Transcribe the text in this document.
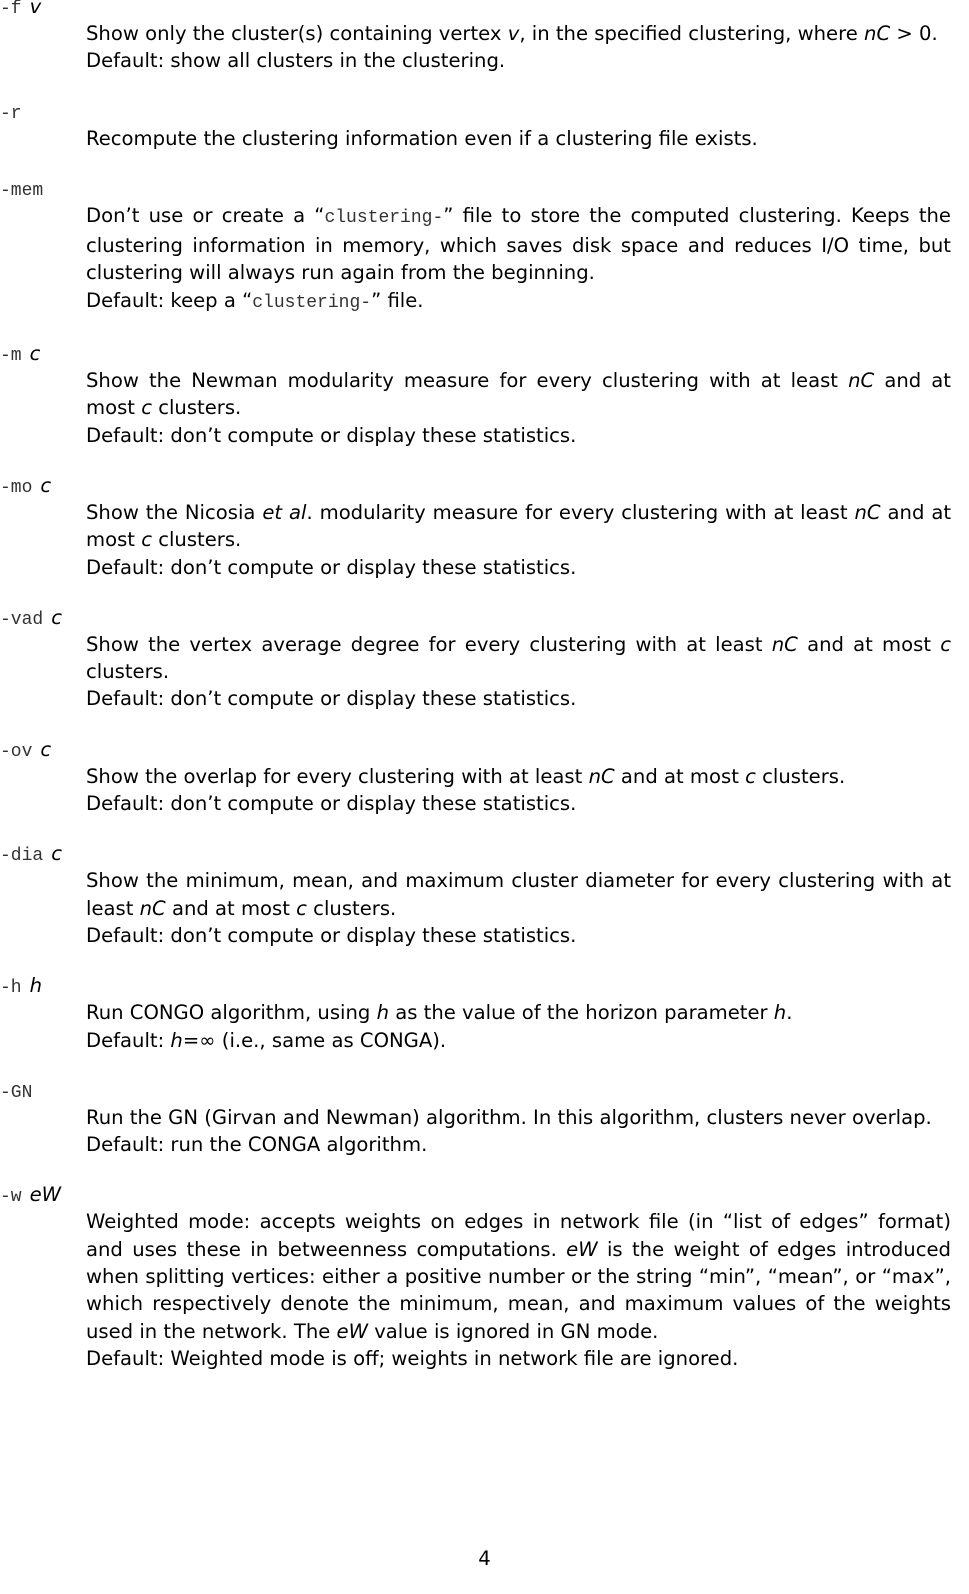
-f v
Show only the cluster(s) containing vertex v, in the specified clustering, where nC > 0.
Default: show all clusters in the clustering.
-r
Recompute the clustering information even if a clustering file exists.
-mem
Don’t use or create a “clustering-” file to store the computed clustering. Keeps the clustering information in memory, which saves disk space and reduces I/O time, but clustering will always run again from the beginning.
Default: keep a “clustering-” file.
-m c
Show the Newman modularity measure for every clustering with at least nC and at most c clusters.
Default: don’t compute or display these statistics.
-mo c
Show the Nicosia et al. modularity measure for every clustering with at least nC and at most c clusters.
Default: don’t compute or display these statistics.
-vad c
Show the vertex average degree for every clustering with at least nC and at most c clusters.
Default: don’t compute or display these statistics.
-ov c
Show the overlap for every clustering with at least nC and at most c clusters.
Default: don’t compute or display these statistics.
-dia c
Show the minimum, mean, and maximum cluster diameter for every clustering with at least nC and at most c clusters.
Default: don’t compute or display these statistics.
-h h
Run CONGO algorithm, using h as the value of the horizon parameter h.
Default: h=∞ (i.e., same as CONGA).
-GN
Run the GN (Girvan and Newman) algorithm. In this algorithm, clusters never overlap.
Default: run the CONGA algorithm.
-w eW
Weighted mode: accepts weights on edges in network file (in “list of edges” format) and uses these in betweenness computations. eW is the weight of edges introduced when splitting vertices: either a positive number or the string “min”, “mean”, or “max”, which respectively denote the minimum, mean, and maximum values of the weights used in the network. The eW value is ignored in GN mode.
Default: Weighted mode is off; weights in network file are ignored.
4
